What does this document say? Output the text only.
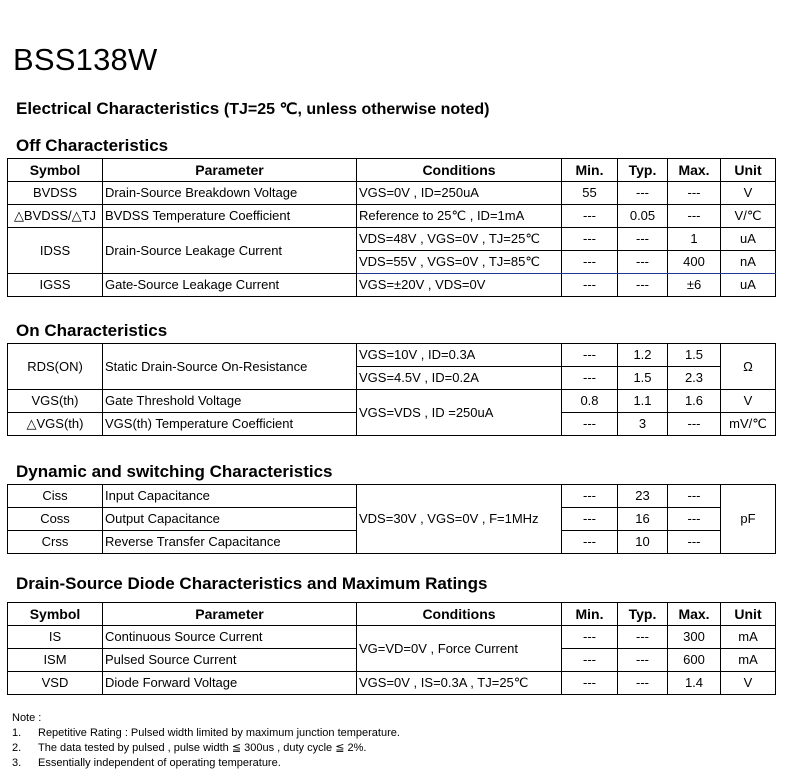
BSS138W
Electrical Characteristics (TJ=25 ℃, unless otherwise noted)
Off Characteristics
Symbol	Parameter	Conditions	Min.	Typ.	Max.	Unit
BVDSS	Drain-Source Breakdown Voltage	VGS=0V , ID=250uA	55	---	---	V
△BVDSS/△TJ	BVDSS Temperature Coefficient	Reference to 25℃ , ID=1mA	---	0.05	---	V/℃
IDSS	Drain-Source Leakage Current	VDS=48V , VGS=0V , TJ=25℃	---	---	1	uA
		VDS=55V , VGS=0V , TJ=85℃	---	---	400	nA
IGSS	Gate-Source Leakage Current	VGS=±20V , VDS=0V	---	---	±6	uA
On Characteristics
RDS(ON)	Static Drain-Source On-Resistance	VGS=10V , ID=0.3A	---	1.2	1.5	Ω
		VGS=4.5V , ID=0.2A	---	1.5	2.3	
VGS(th)	Gate Threshold Voltage	VGS=VDS , ID =250uA	0.8	1.1	1.6	V
△VGS(th)	VGS(th) Temperature Coefficient		---	3	---	mV/℃
Dynamic and switching Characteristics
Ciss	Input Capacitance	VDS=30V , VGS=0V , F=1MHz	---	23	---	pF
Coss	Output Capacitance		---	16	---	
Crss	Reverse Transfer Capacitance		---	10	---	
Drain-Source Diode Characteristics and Maximum Ratings
Symbol	Parameter	Conditions	Min.	Typ.	Max.	Unit
IS	Continuous Source Current	VG=VD=0V , Force Current	---	---	300	mA
ISM	Pulsed Source Current		---	---	600	mA
VSD	Diode Forward Voltage	VGS=0V , IS=0.3A , TJ=25℃	---	---	1.4	V
Note :
1.	Repetitive Rating : Pulsed width limited by maximum junction temperature.
2.	The data tested by pulsed , pulse width ≦ 300us , duty cycle ≦ 2%.
3.	Essentially independent of operating temperature.
